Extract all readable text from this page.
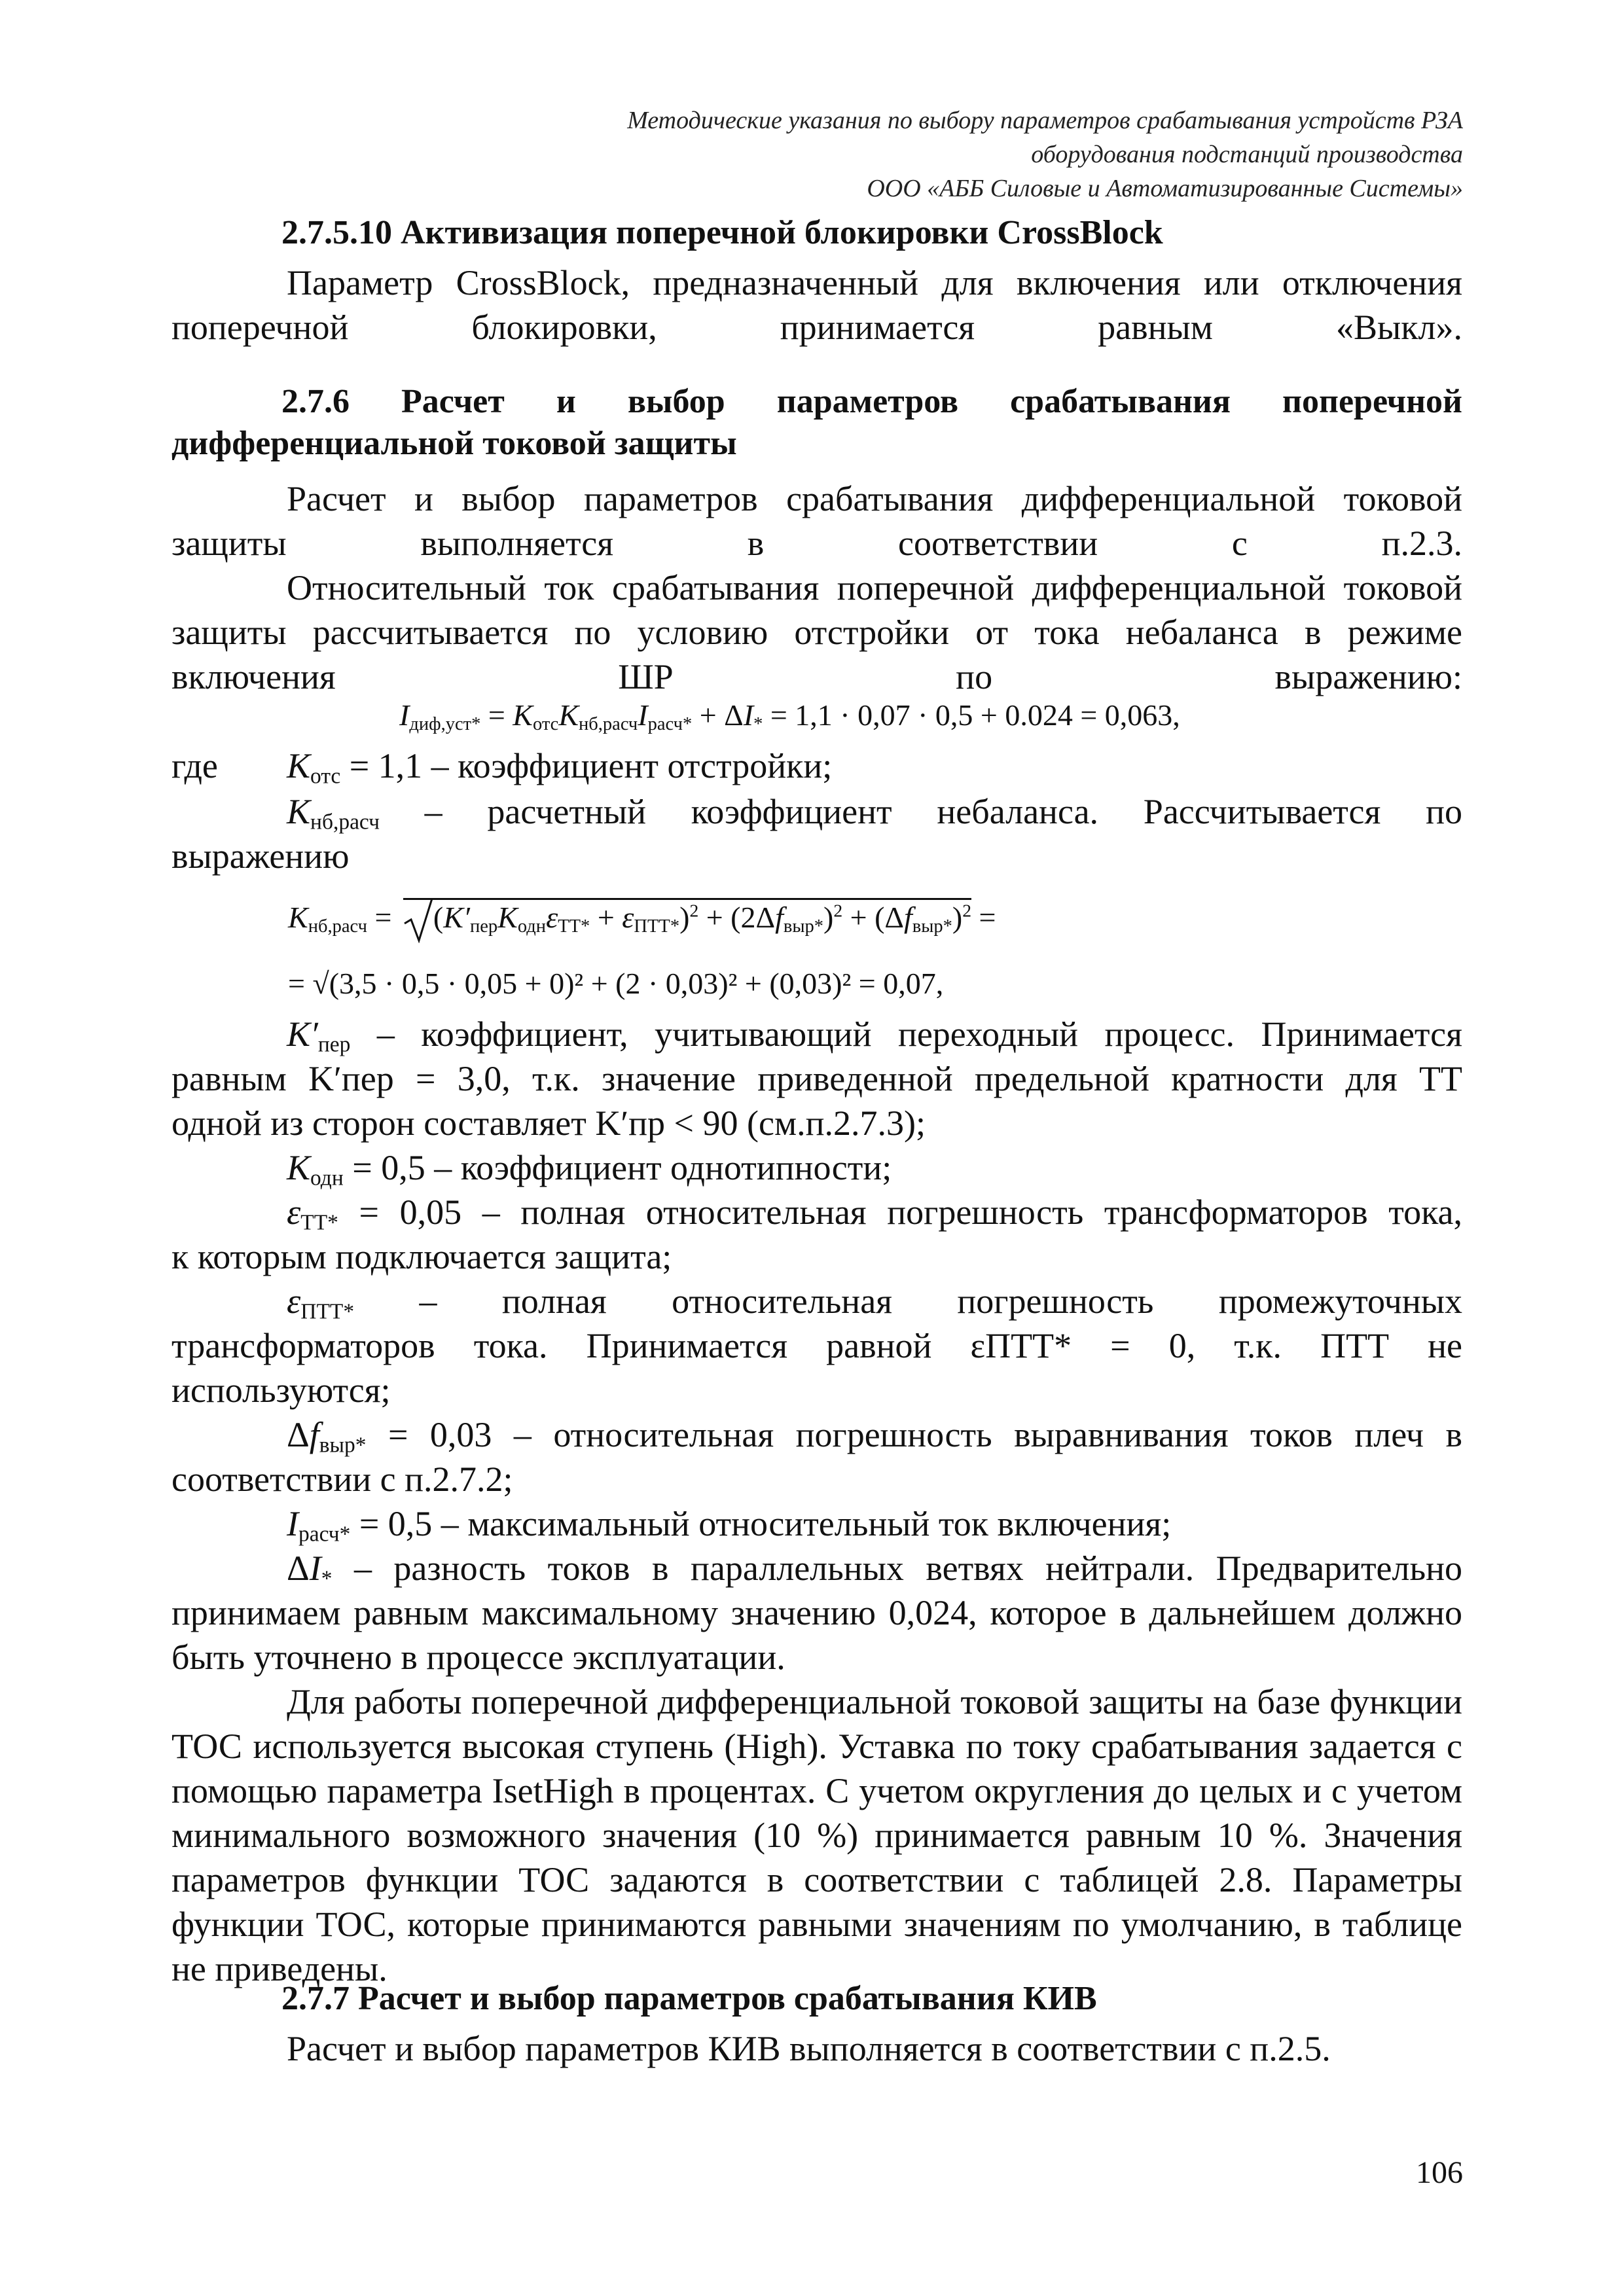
Методические указания по выбору параметров срабатывания устройств РЗА
оборудования подстанций производства
ООО «АББ Силовые и Автоматизированные Системы»
2.7.5.10 Активизация поперечной блокировки CrossBlock
Параметр CrossBlock, предназначенный для включения или отключения поперечной блокировки, принимается равным «Выкл».
2.7.6 Расчет и выбор параметров срабатывания поперечной
дифференциальной токовой защиты
Расчет и выбор параметров срабатывания дифференциальной токовой защиты выполняется в соответствии с п.2.3.
Относительный ток срабатывания поперечной дифференциальной токовой защиты рассчитывается по условию отстройки от тока небаланса в режиме включения ШР по выражению:
$I_{диф,уст*} = K_{отс}K_{нб,расч}I_{расч*} + \Delta I_* = 1,1 \cdot 0,07 \cdot 0,5 + 0.024 = 0,063$,
где $K_{отс} = 1,1$ – коэффициент отстройки;
$K_{нб,расч}$ – расчетный коэффициент небаланса. Рассчитывается по
выражению
$K_{нб,расч}$ =
$(K'_{пер}K_{одн}\varepsilon_{ТТ*} + \varepsilon_{ПТТ*})^2 + (2\Delta f_{выр*})^2 + (\Delta f_{выр*})^2$ =
= √(3,5 · 0,5 · 0,05 + 0)² + (2 · 0,03)² + (0,03)² = 0,07,
$K'_{пер}$ – коэффициент, учитывающий переходный процесс. Принимается
равным K′пер = 3,0, т.к. значение приведенной предельной кратности для ТТ
одной из сторон составляет K′пр < 90 (см.п.2.7.3);
$K_{одн} = 0,5$ – коэффициент однотипности;
$\varepsilon_{ТТ*} = 0,05$ – полная относительная погрешность трансформаторов тока,
к которым подключается защита;
$\varepsilon_{ПТТ*}$ – полная относительная погрешность промежуточных
трансформаторов тока. Принимается равной εПТТ* = 0, т.к. ПТТ не
используются;
$\Delta f_{выр*} = 0,03$ – относительная погрешность выравнивания токов плеч в
соответствии с п.2.7.2;
$I_{расч*} = 0,5$ – максимальный относительный ток включения;
$\Delta I_*$ – разность токов в параллельных ветвях нейтрали. Предварительно принимаем равным максимальному значению 0,024, которое в дальнейшем должно быть уточнено в процессе эксплуатации.
Для работы поперечной дифференциальной токовой защиты на базе функции ТОС используется высокая ступень (High). Уставка по току срабатывания задается с помощью параметра IsetHigh в процентах. С учетом округления до целых и с учетом минимального возможного значения (10 %) принимается равным 10 %. Значения параметров функции ТОС задаются в соответствии с таблицей 2.8. Параметры функции ТОС, которые принимаются равными значениям по умолчанию, в таблице не приведены.
2.7.7 Расчет и выбор параметров срабатывания КИВ
Расчет и выбор параметров КИВ выполняется в соответствии с п.2.5.
106
